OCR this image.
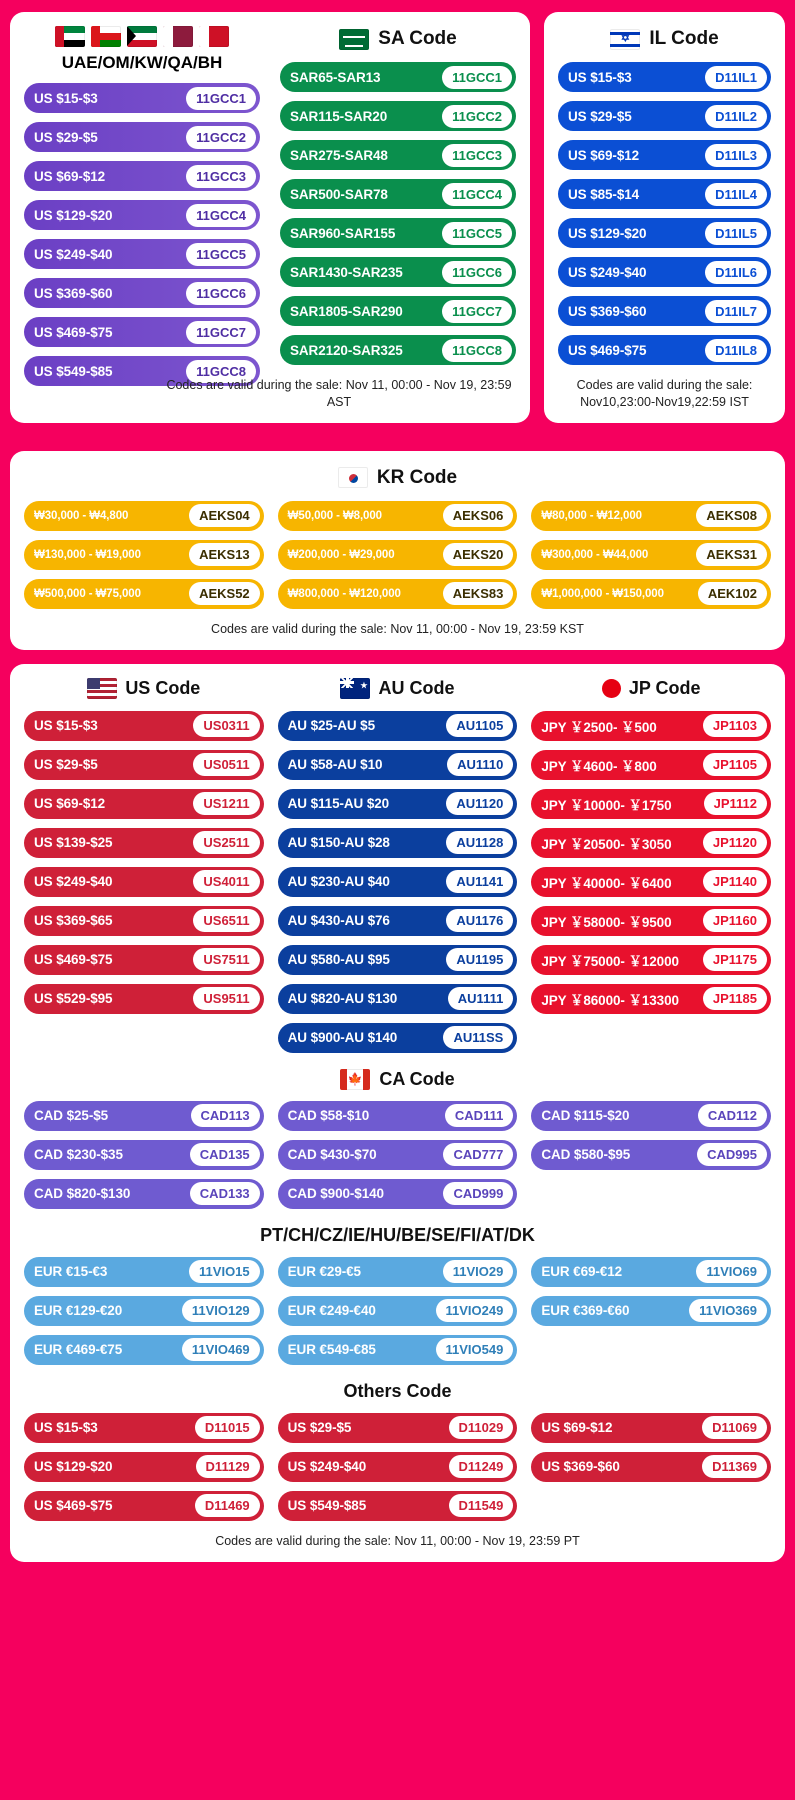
UAE/OM/KW/QA/BH
US $15-$3	11GCC1
US $29-$5	11GCC2
US $69-$12	11GCC3
US $129-$20	11GCC4
US $249-$40	11GCC5
US $369-$60	11GCC6
US $469-$75	11GCC7
US $549-$85	11GCC8
SA Code
SAR65-SAR13	11GCC1
SAR115-SAR20	11GCC2
SAR275-SAR48	11GCC3
SAR500-SAR78	11GCC4
SAR960-SAR155	11GCC5
SAR1430-SAR235	11GCC6
SAR1805-SAR290	11GCC7
SAR2120-SAR325	11GCC8
Codes are valid during the sale: Nov 11, 00:00 - Nov 19, 23:59 AST
✡
IL Code
US $15-$3	D11IL1
US $29-$5	D11IL2
US $69-$12	D11IL3
US $85-$14	D11IL4
US $129-$20	D11IL5
US $249-$40	D11IL6
US $369-$60	D11IL7
US $469-$75	D11IL8
Codes are valid during the sale: Nov10,23:00-Nov19,22:59 IST
KR Code
₩30,000 - ₩4,800	AEKS04	₩50,000 - ₩8,000	AEKS06	₩80,000 - ₩12,000	AEKS08
₩130,000 - ₩19,000	AEKS13	₩200,000 - ₩29,000	AEKS20	₩300,000 - ₩44,000	AEKS31
₩500,000 - ₩75,000	AEKS52	₩800,000 - ₩120,000	AEKS83	₩1,000,000 - ₩150,000	AEK102
Codes are valid during the sale: Nov 11, 00:00 - Nov 19, 23:59 KST
US Code ★	AU Code	JP Code
US $15-$3	US0311
US $29-$5	US0511
US $69-$12	US1211
US $139-$25	US2511
US $249-$40	US4011
US $369-$65	US6511
US $469-$75	US7511
US $529-$95	US9511
AU $25-AU $5	AU1105
AU $58-AU $10	AU1110
AU $115-AU $20	AU1120
AU $150-AU $28	AU1128
AU $230-AU $40	AU1141
AU $430-AU $76	AU1176
AU $580-AU $95	AU1195
AU $820-AU $130	AU1111
AU $900-AU $140	AU11SS
JPY ￥2500- ￥500	JP1103
JPY ￥4600- ￥800	JP1105
JPY ￥10000- ￥1750	JP1112
JPY ￥20500- ￥3050	JP1120
JPY ￥40000- ￥6400	JP1140
JPY ￥58000- ￥9500	JP1160
JPY ￥75000- ￥12000	JP1175
JPY ￥86000- ￥13300	JP1185
🍁
CA Code
CAD $25-$5	CAD113	CAD $58-$10	CAD111	CAD $115-$20	CAD112
CAD $230-$35	CAD135	CAD $430-$70	CAD777	CAD $580-$95	CAD995
CAD $820-$130	CAD133	CAD $900-$140	CAD999
PT/CH/CZ/IE/HU/BE/SE/FI/AT/DK
EUR €15-€3	11VIO15	EUR €29-€5	11VIO29	EUR €69-€12	11VIO69
EUR €129-€20	11VIO129	EUR €249-€40	11VIO249	EUR €369-€60	11VIO369
EUR €469-€75	11VIO469	EUR €549-€85	11VIO549
Others Code
US $15-$3	D11015	US $29-$5	D11029	US $69-$12	D11069
US $129-$20	D11129	US $249-$40	D11249	US $369-$60	D11369
US $469-$75	D11469	US $549-$85	D11549
Codes are valid during the sale: Nov 11, 00:00 - Nov 19, 23:59 PT
